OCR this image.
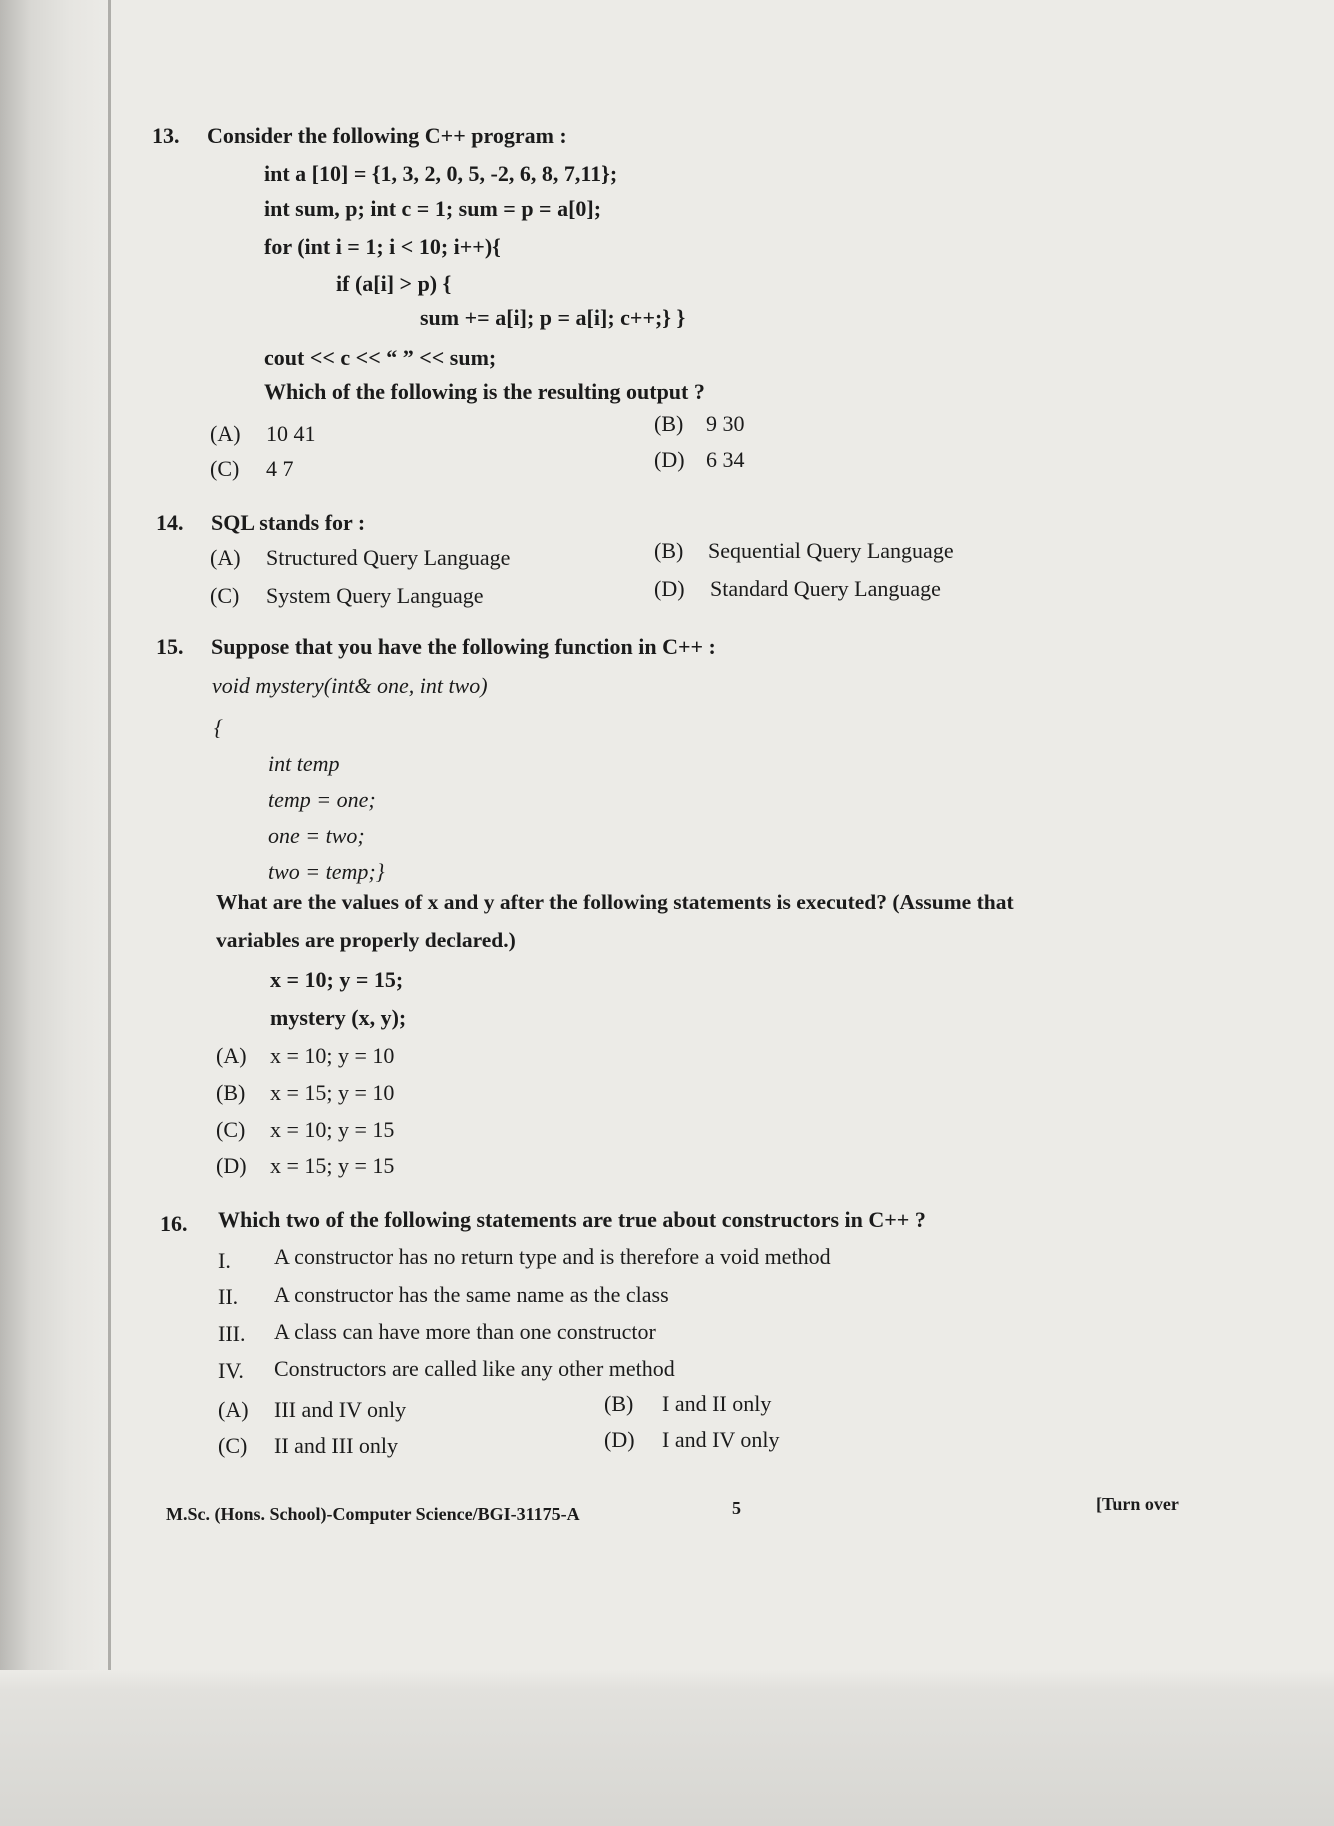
13. Consider the following C++ program :
int a [10] = {1, 3, 2, 0, 5, -2, 6, 8, 7,11};
int sum, p; int c = 1; sum = p = a[0];
for (int i = 1; i < 10; i++){
if (a[i] > p) {
sum += a[i]; p = a[i]; c++;} }
cout << c << “ ” << sum;
Which of the following is the resulting output ?
(A) 10 41	(B) 9 30
(C) 4 7	(D) 6 34
14. SQL stands for :
(A) Structured Query Language	(B) Sequential Query Language
(C) System Query Language	(D) Standard Query Language
15. Suppose that you have the following function in C++ :
void mystery(int& one, int two)
{
int temp
temp = one;
one = two;
two = temp;}
What are the values of x and y after the following statements is executed? (Assume that
variables are properly declared.)
x = 10; y = 15;
mystery (x, y);
(A) x = 10; y = 10
(B) x = 15; y = 10
(C) x = 10; y = 15
(D) x = 15; y = 15
16. Which two of the following statements are true about constructors in C++ ?
I. A constructor has no return type and is therefore a void method
II. A constructor has the same name as the class
III. A class can have more than one constructor
IV. Constructors are called like any other method
(A) III and IV only	(B) I and II only
(C) II and III only	(D) I and IV only
M.Sc. (Hons. School)-Computer Science/BGI-31175-A	5	[Turn over
